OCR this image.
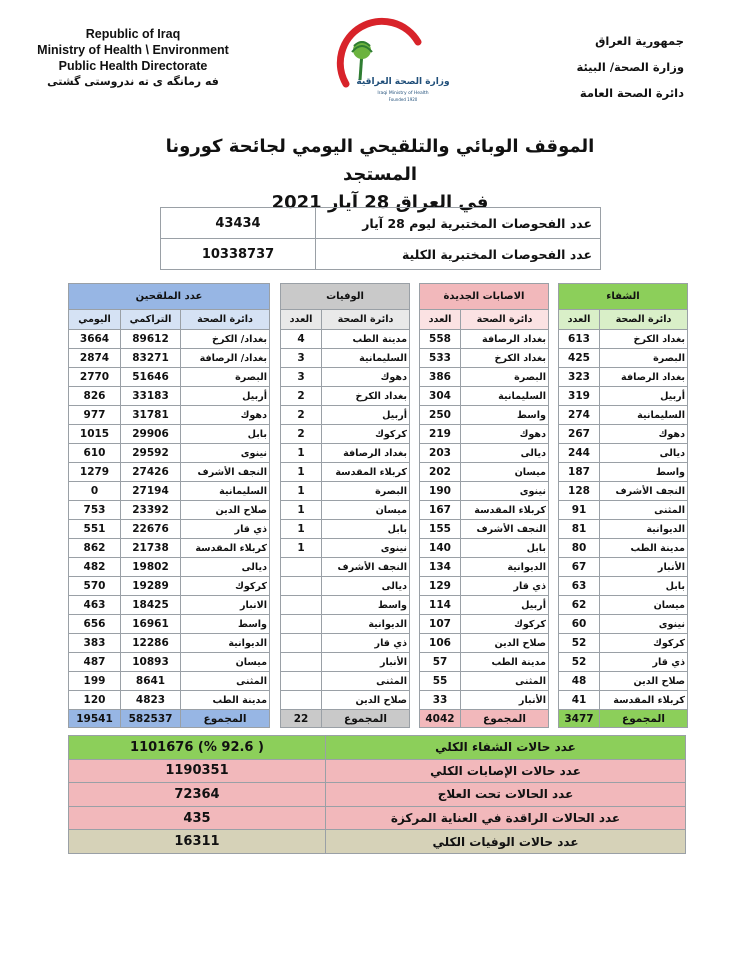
Republic of Iraq
Ministry of Health \ Environment
Public Health Directorate
فه رمانگه ی ته ندروستی گشتی
جمهورية العراق
وزارة الصحة/ البيئة
دائرة الصحة العامة
وزارة الصحة العراقية
Iraqi Ministry of Health
Founded 1920
الموقف الوبائي والتلقيحي اليومي لجائحة كورونا المستجد
في العراق 28 آيار 2021
عدد الفحوصات المختبرية ليوم 28 آيار	43434
عدد الفحوصات المختبرية الكلية	10338737
الشفاء	
دائرة الصحة	العدد
بغداد الكرخ	613
البصرة	425
بغداد الرصافة	323
أربيل	319
السليمانية	274
دهوك	267
ديالى	244
واسط	187
النجف الأشرف	128
المثنى	91
الديوانية	81
مدينة الطب	80
الأنبار	67
بابل	63
ميسان	62
نينوى	60
كركوك	52
ذي قار	52
صلاح الدين	48
كربلاء المقدسة	41
المجموع	3477
الاصابات الجديدة	
دائرة الصحة	العدد
بغداد الرصافة	558
بغداد الكرخ	533
البصرة	386
السليمانية	304
واسط	250
دهوك	219
ديالى	203
ميسان	202
نينوى	190
كربلاء المقدسة	167
النجف الأشرف	155
بابل	140
الديوانية	134
ذي قار	129
أربيل	114
كركوك	107
صلاح الدين	106
مدينة الطب	57
المثنى	55
الأنبار	33
المجموع	4042
الوفيات	
دائرة الصحة	العدد
مدينة الطب	4
السليمانية	3
دهوك	3
بغداد الكرخ	2
أربيل	2
كركوك	2
بغداد الرصافة	1
كربلاء المقدسة	1
البصرة	1
ميسان	1
بابل	1
نينوى	1
النجف الأشرف	
ديالى	
واسط	
الديوانية	
ذي قار	
الأنبار	
المثنى	
صلاح الدين	
المجموع	22
عدد الملقحين		
دائرة الصحة	التراكمي	اليومي
بغداد/ الكرخ	89612	3664
بغداد/ الرصافة	83271	2874
البصرة	51646	2770
أربيل	33183	826
دهوك	31781	977
بابل	29906	1015
نينوى	29592	610
النجف الأشرف	27426	1279
السليمانية	27194	0
صلاح الدين	23392	753
ذي قار	22676	551
كربلاء المقدسة	21738	862
ديالى	19802	482
كركوك	19289	570
الانبار	18425	463
واسط	16961	656
الديوانية	12286	383
ميسان	10893	487
المثنى	8641	199
مدينة الطب	4823	120
المجموع	582537	19541
عدد حالات الشفاء الكلي	( 92.6 %) 1101676
عدد حالات الإصابات الكلي	1190351
عدد الحالات تحت العلاج	72364
عدد الحالات الراقدة في العناية المركزة	435
عدد حالات الوفيات الكلي	16311
